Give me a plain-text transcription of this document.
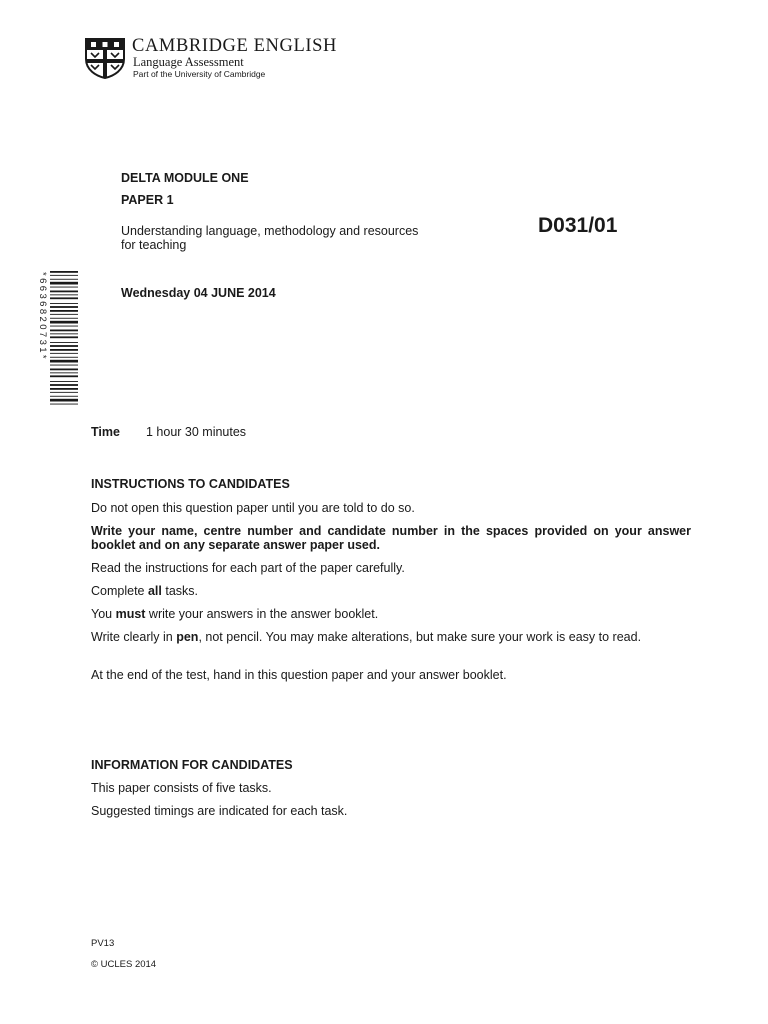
CAMBRIDGE ENGLISH
Language Assessment
Part of the University of Cambridge
DELTA MODULE ONE
PAPER 1
Understanding language, methodology and resources
for teaching
D031/01
Wednesday 04 JUNE 2014
*6636820731*
Time 1 hour 30 minutes
INSTRUCTIONS TO CANDIDATES

Do not open this question paper until you are told to do so.

Write your name, centre number and candidate number in the spaces provided on your answer booklet and on any separate answer paper used.

Read the instructions for each part of the paper carefully.

Complete all tasks.

You must write your answers in the answer booklet.

Write clearly in pen, not pencil. You may make alterations, but make sure your work is easy to read.

At the end of the test, hand in this question paper and your answer booklet.

INFORMATION FOR CANDIDATES

This paper consists of five tasks.

Suggested timings are indicated for each task.

PV13
© UCLES 2014
